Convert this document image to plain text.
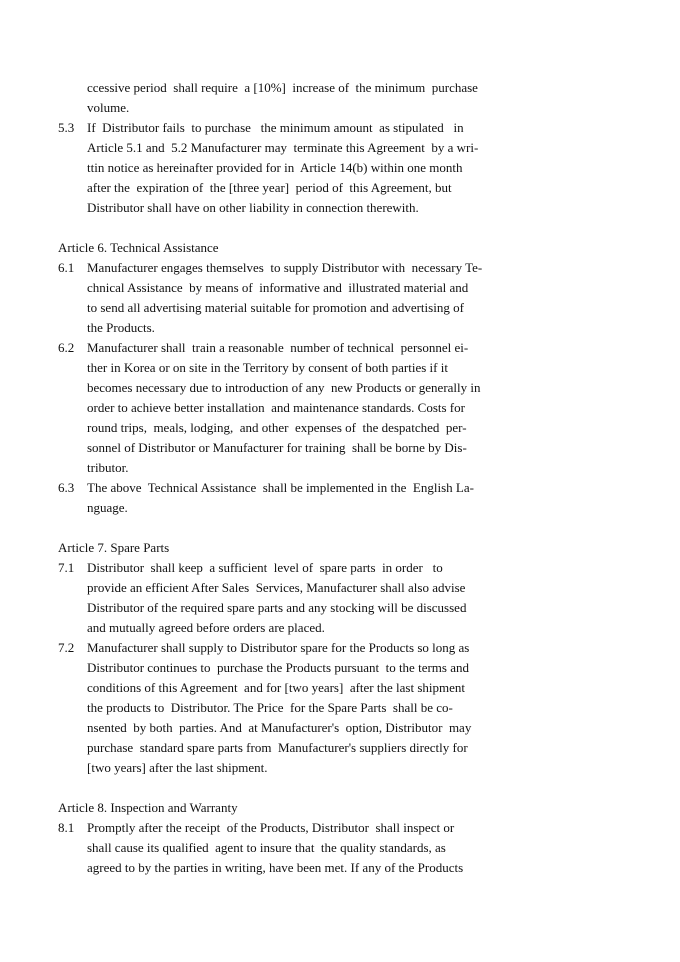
ccessive period  shall require  a [10%]  increase of  the minimum  purchase
volume.
5.3 If  Distributor fails  to purchase   the minimum amount  as stipulated   in
Article 5.1 and  5.2 Manufacturer may  terminate this Agreement  by a wri-
ttin notice as hereinafter provided for in  Article 14(b) within one month
after the  expiration of  the [three year]  period of  this Agreement, but
Distributor shall have on other liability in connection therewith.
Article 6. Technical Assistance
6.1 Manufacturer engages themselves  to supply Distributor with  necessary Te-
chnical Assistance  by means of  informative and  illustrated material and
to send all advertising material suitable for promotion and advertising of
the Products.
6.2 Manufacturer shall  train a reasonable  number of technical  personnel ei-
ther in Korea or on site in the Territory by consent of both parties if it
becomes necessary due to introduction of any  new Products or generally in
order to achieve better installation  and maintenance standards. Costs for
round trips,  meals, lodging,  and other  expenses of  the despatched  per-
sonnel of Distributor or Manufacturer for training  shall be borne by Dis-
tributor.
6.3 The above  Technical Assistance  shall be implemented in the  English La-
nguage.
Article 7. Spare Parts
7.1 Distributor  shall keep  a sufficient  level of  spare parts  in order   to
provide an efficient After Sales  Services, Manufacturer shall also advise
Distributor of the required spare parts and any stocking will be discussed
and mutually agreed before orders are placed.
7.2 Manufacturer shall supply to Distributor spare for the Products so long as
Distributor continues to  purchase the Products pursuant  to the terms and
conditions of this Agreement  and for [two years]  after the last shipment
the products to  Distributor. The Price  for the Spare Parts  shall be co-
nsented  by both  parties. And  at Manufacturer's  option, Distributor  may
purchase  standard spare parts from  Manufacturer's suppliers directly for
[two years] after the last shipment.
Article 8. Inspection and Warranty
8.1 Promptly after the receipt  of the Products, Distributor  shall inspect or
shall cause its qualified  agent to insure that  the quality standards, as
agreed to by the parties in writing, have been met. If any of the Products
